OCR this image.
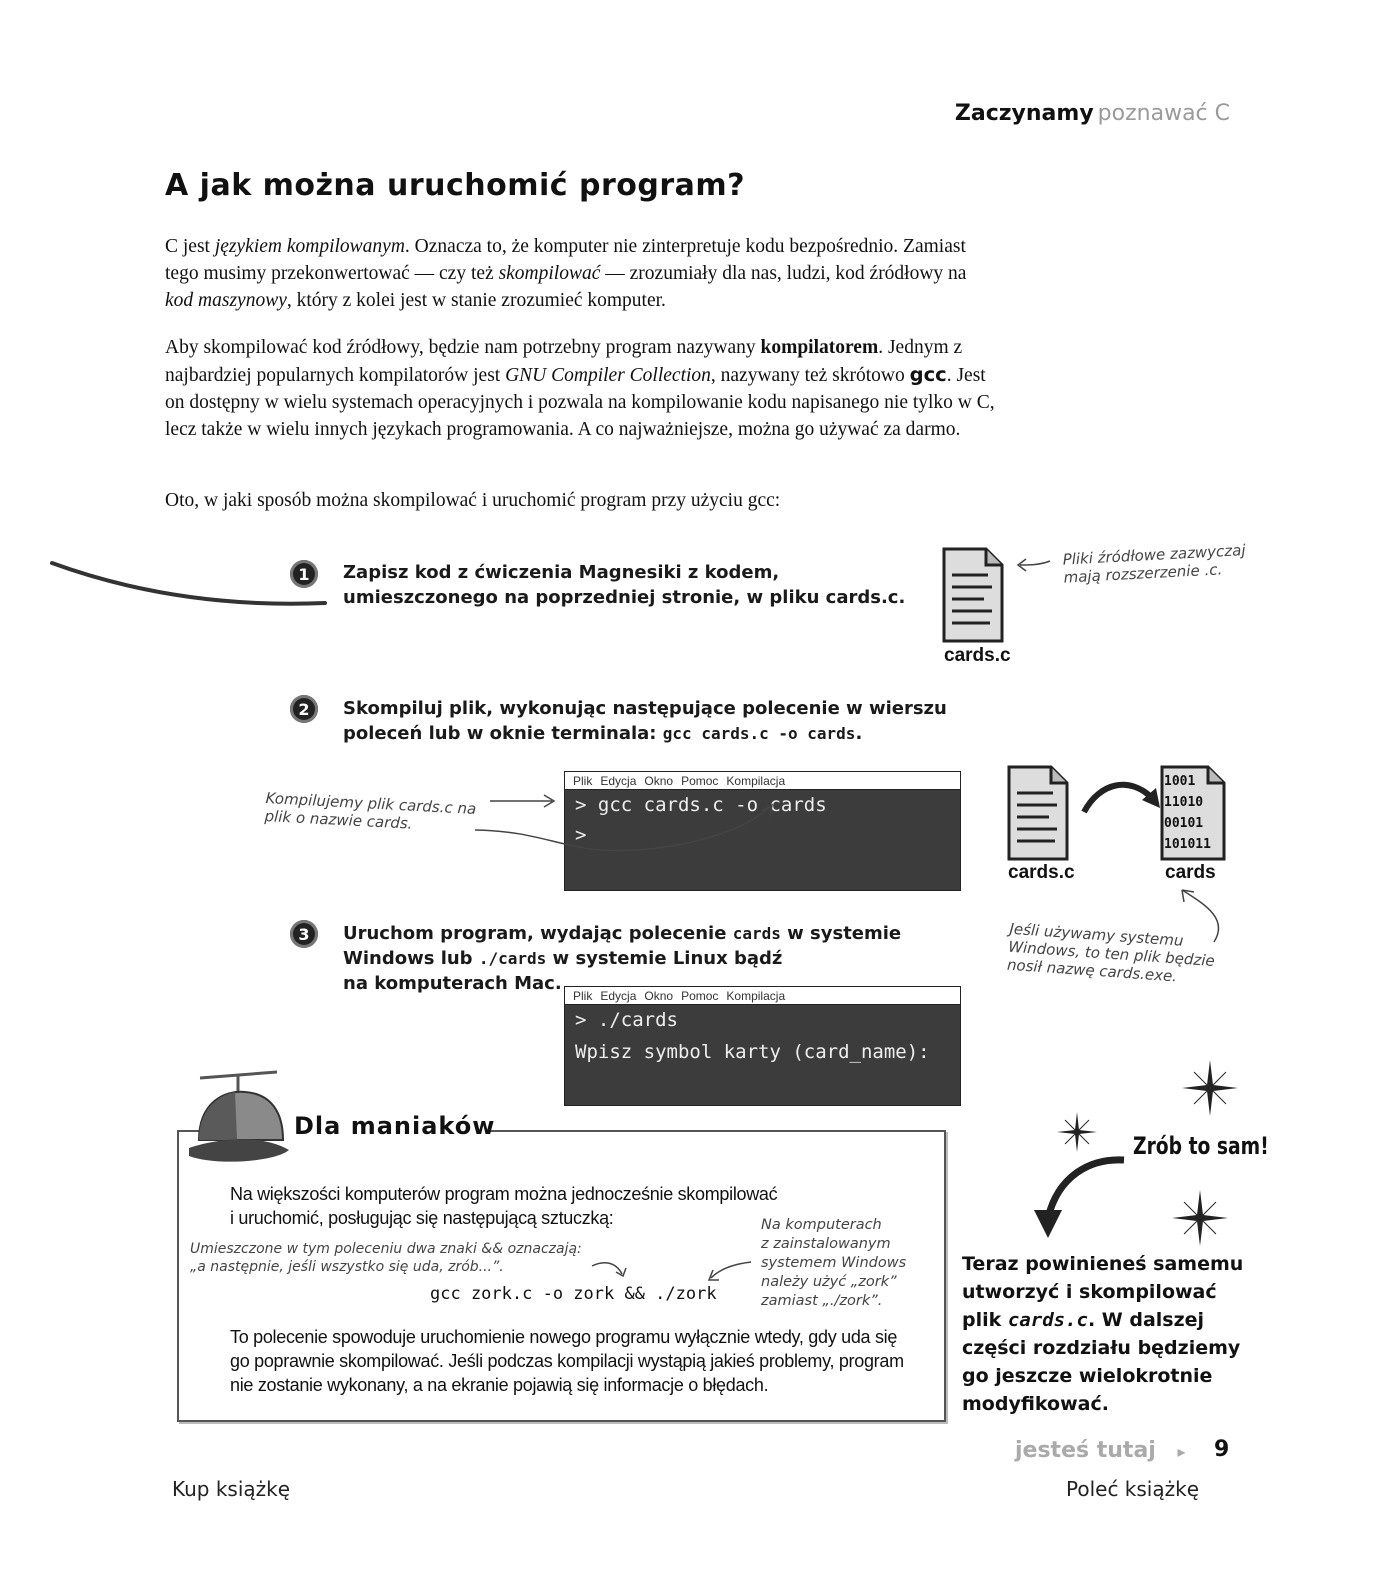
Zaczynamy poznawać C
A jak można uruchomić program?
C jest językiem kompilowanym. Oznacza to, że komputer nie zinterpretuje kodu bezpośrednio. Zamiast tego musimy przekonwertować — czy też skompilować — zrozumiały dla nas, ludzi, kod źródłowy na kod maszynowy, który z kolei jest w stanie zrozumieć komputer.
Aby skompilować kod źródłowy, będzie nam potrzebny program nazywany kompilatorem. Jednym z najbardziej popularnych kompilatorów jest GNU Compiler Collection, nazywany też skrótowo gcc. Jest on dostępny w wielu systemach operacyjnych i pozwala na kompilowanie kodu napisanego nie tylko w C, lecz także w wielu innych językach programowania. A co najważniejsze, można go używać za darmo.
Oto, w jaki sposób można skompilować i uruchomić program przy użyciu gcc:
1	Zapisz kod z ćwiczenia Magnesiki z kodem,
umieszczonego na poprzedniej stronie, w pliku cards.c.
cards.c
Pliki źródłowe zazwyczaj mają rozszerzenie .c.
2	Skompiluj plik, wykonując następujące polecenie w wierszu
poleceń lub w oknie terminala: gcc cards.c -o cards.
Plik Edycja Okno Pomoc Kompilacja
> gcc cards.c -o cards
>
Kompilujemy plik cards.c na plik o nazwie cards.
cards.c
1001
11010
00101
101011
cards
Jeśli używamy systemu Windows, to ten plik będzie nosił nazwę cards.exe.
3	Uruchom program, wydając polecenie cards w systemie
Windows lub ./cards w systemie Linux bądź
na komputerach Mac.
Plik Edycja Okno Pomoc Kompilacja
> ./cards
Wpisz symbol karty (card_name):
Dla maniaków
Na większości komputerów program można jednocześnie skompilować
i uruchomić, posługując się następującą sztuczką:
Umieszczone w tym poleceniu dwa znaki && oznaczają:
„a następnie, jeśli wszystko się uda, zrób...”.
gcc zork.c -o zork && ./zork
Na komputerach
z zainstalowanym
systemem Windows
należy użyć „zork”
zamiast „./zork”.
To polecenie spowoduje uruchomienie nowego programu wyłącznie wtedy, gdy uda się
go poprawnie skompilować. Jeśli podczas kompilacji wystąpią jakieś problemy, program
nie zostanie wykonany, a na ekranie pojawią się informacje o błędach.
Zrób to sam!
Teraz powinieneś samemu
utworzyć i skompilować
plik cards.c. W dalszej
części rozdziału będziemy
go jeszcze wielokrotnie
modyfikować.
jesteś tutaj ▸ 9
Kup książkę	Poleć książkę
